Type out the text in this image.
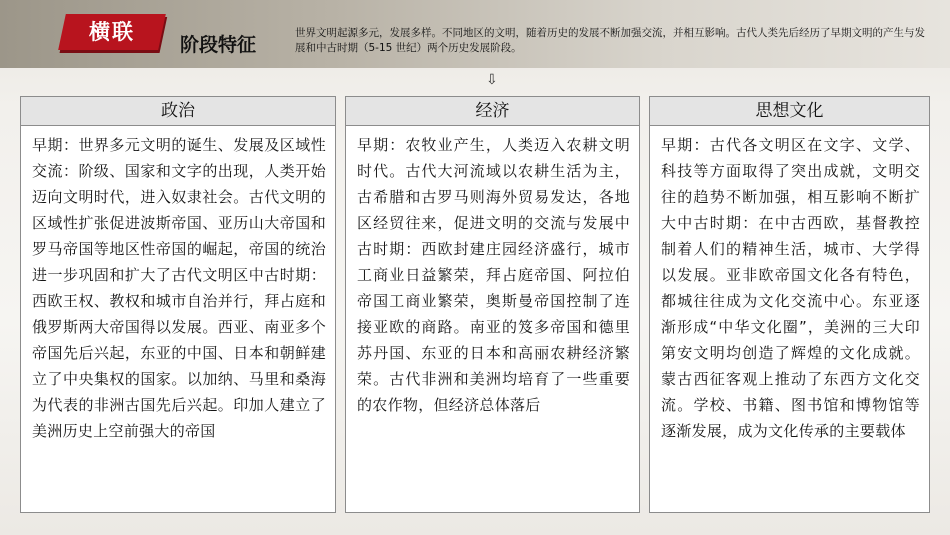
横联
阶段特征
世界文明起源多元，发展多样。不同地区的文明，随着历史的发展不断加强交流，并相互影响。古代人类先后经历了早期文明的产生与发展和中古时期（5-15 世纪）两个历史发展阶段。
⇩
政治
早期：世界多元文明的诞生、发展及区域性交流：阶级、国家和文字的出现，人类开始迈向文明时代，进入奴隶社会。古代文明的区域性扩张促进波斯帝国、亚历山大帝国和罗马帝国等地区性帝国的崛起，帝国的统治进一步巩固和扩大了古代文明区中古时期：西欧王权、教权和城市自治并行，拜占庭和俄罗斯两大帝国得以发展。西亚、南亚多个帝国先后兴起，东亚的中国、日本和朝鲜建立了中央集权的国家。以加纳、马里和桑海为代表的非洲古国先后兴起。印加人建立了美洲历史上空前强大的帝国
经济
早期：农牧业产生，人类迈入农耕文明时代。古代大河流域以农耕生活为主，古希腊和古罗马则海外贸易发达，各地区经贸往来，促进文明的交流与发展中古时期：西欧封建庄园经济盛行，城市工商业日益繁荣，拜占庭帝国、阿拉伯帝国工商业繁荣，奥斯曼帝国控制了连接亚欧的商路。南亚的笈多帝国和德里苏丹国、东亚的日本和高丽农耕经济繁荣。古代非洲和美洲均培育了一些重要的农作物，但经济总体落后
思想文化
早期：古代各文明区在文字、文学、科技等方面取得了突出成就，文明交往的趋势不断加强，相互影响不断扩大中古时期：在中古西欧，基督教控制着人们的精神生活，城市、大学得以发展。亚非欧帝国文化各有特色，都城往往成为文化交流中心。东亚逐渐形成“中华文化圈”，美洲的三大印第安文明均创造了辉煌的文化成就。蒙古西征客观上推动了东西方文化交流。学校、书籍、图书馆和博物馆等逐渐发展，成为文化传承的主要载体
